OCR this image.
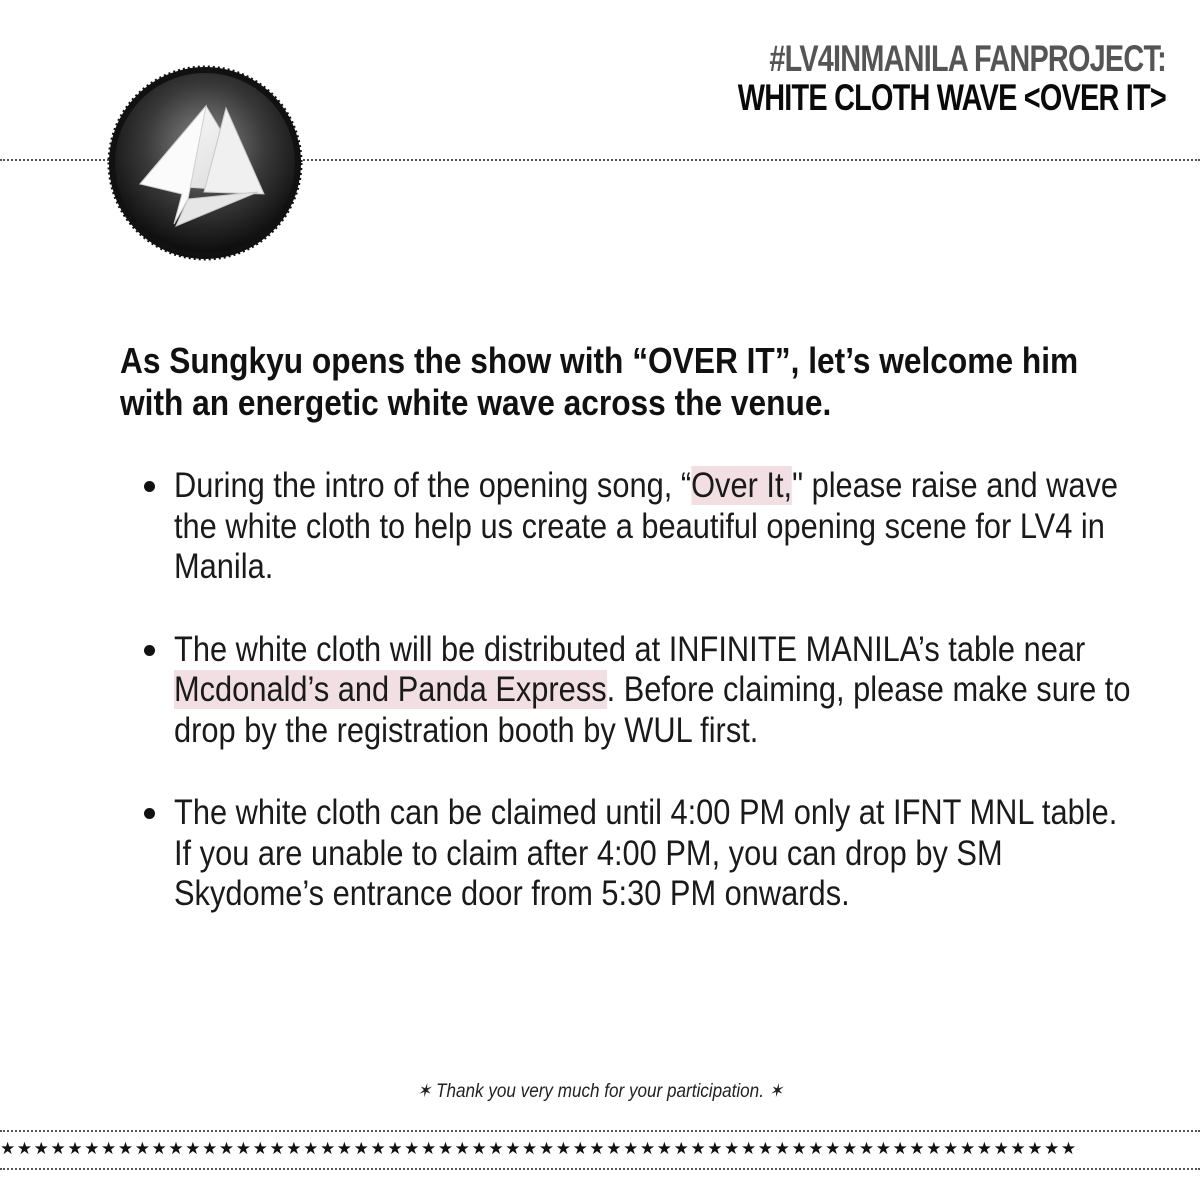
#LV4INMANILA FANPROJECT:
WHITE CLOTH WAVE <OVER IT>

As Sungkyu opens the show with “OVER IT”, let’s welcome him with an energetic white wave across the venue.

During the intro of the opening song, “Over It," please raise and wave the white cloth to help us create a beautiful opening scene for LV4 in Manila.
The white cloth will be distributed at INFINITE MANILA’s table near Mcdonald’s and Panda Express. Before claiming, please make sure to drop by the registration booth by WUL first.
The white cloth can be claimed until 4:00 PM only at IFNT MNL table. If you are unable to claim after 4:00 PM, you can drop by SM Skydome’s entrance door from 5:30 PM onwards.
✶ Thank you very much for your participation. ✶
★★★★★★★★★★★★★★★★★★★★★★★★★★★★★★★★★★★★★★★★★★★★★★★★★★★★★★★★★★★★★★★★
